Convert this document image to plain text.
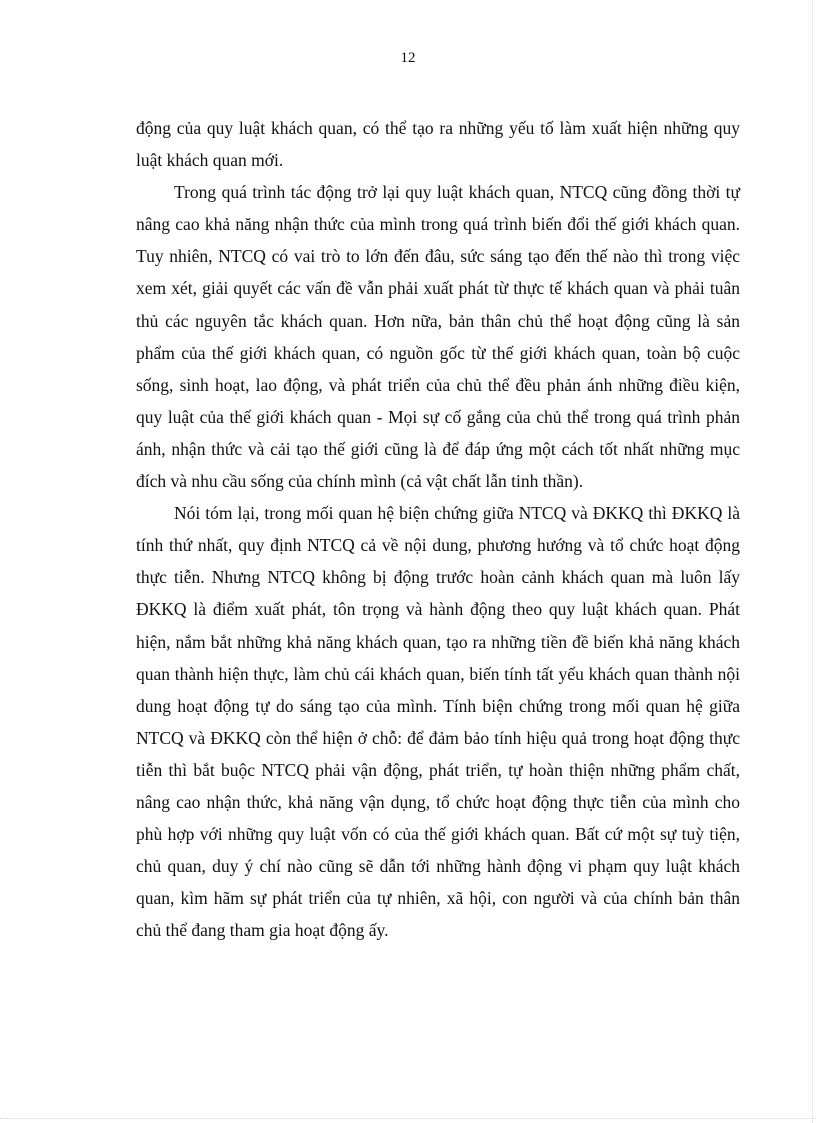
12

động của quy luật khách quan, có thể tạo ra những yếu tố làm xuất hiện những quy luật khách quan mới.

Trong quá trình tác động trở lại quy luật khách quan, NTCQ cũng đồng thời tự nâng cao khả năng nhận thức của mình trong quá trình biến đổi thế giới khách quan. Tuy nhiên, NTCQ có vai trò to lớn đến đâu, sức sáng tạo đến thế nào thì trong việc xem xét, giải quyết các vấn đề vẫn phải xuất phát từ thực tế khách quan và phải tuân thủ các nguyên tắc khách quan. Hơn nữa, bản thân chủ thể hoạt động cũng là sản phẩm của thế giới khách quan, có nguồn gốc từ thế giới khách quan, toàn bộ cuộc sống, sinh hoạt, lao động, và phát triển của chủ thể đều phản ánh những điều kiện, quy luật của thế giới khách quan - Mọi sự cố gắng của chủ thể trong quá trình phản ánh, nhận thức và cải tạo thế giới cũng là để đáp ứng một cách tốt nhất những mục đích và nhu cầu sống của chính mình (cả vật chất lẫn tinh thần).

Nói tóm lại, trong mối quan hệ biện chứng giữa NTCQ và ĐKKQ thì ĐKKQ là tính thứ nhất, quy định NTCQ cả về nội dung, phương hướng và tổ chức hoạt động thực tiễn. Nhưng NTCQ không bị động trước hoàn cảnh khách quan mà luôn lấy ĐKKQ là điểm xuất phát, tôn trọng và hành động theo quy luật khách quan. Phát hiện, nắm bắt những khả năng khách quan, tạo ra những tiền đề biến khả năng khách quan thành hiện thực, làm chủ cái khách quan, biến tính tất yếu khách quan thành nội dung hoạt động tự do sáng tạo của mình. Tính biện chứng trong mối quan hệ giữa NTCQ và ĐKKQ còn thể hiện ở chỗ: để đảm bảo tính hiệu quả trong hoạt động thực tiễn thì bắt buộc NTCQ phải vận động, phát triển, tự hoàn thiện những phẩm chất, nâng cao nhận thức, khả năng vận dụng, tổ chức hoạt động thực tiễn của mình cho phù hợp với những quy luật vốn có của thế giới khách quan. Bất cứ một sự tuỳ tiện, chủ quan, duy ý chí nào cũng sẽ dẫn tới những hành động vi phạm quy luật khách quan, kìm hãm sự phát triển của tự nhiên, xã hội, con người và của chính bản thân chủ thể đang tham gia hoạt động ấy.
